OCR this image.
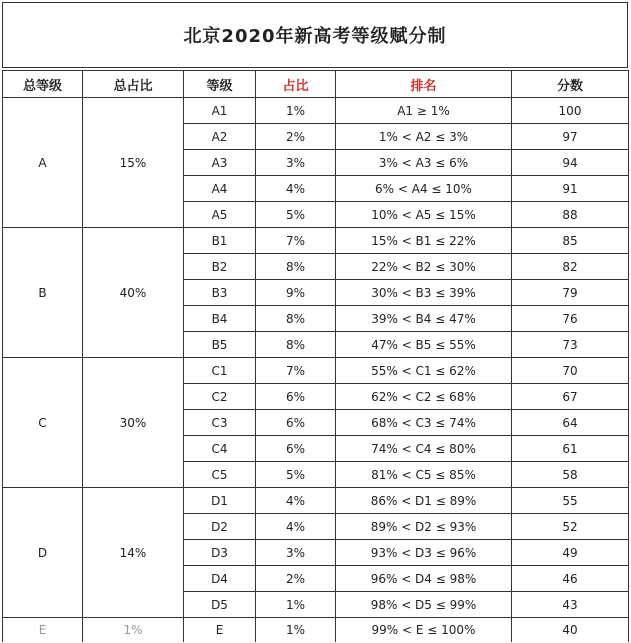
北京2020年新高考等级赋分制
总等级	总占比	等级	占比	排名	分数
A	15%	A1	1%	A1 ≥ 1%	100
		A2	2%	1% < A2 ≤ 3%	97
		A3	3%	3% < A3 ≤ 6%	94
		A4	4%	6% < A4 ≤ 10%	91
		A5	5%	10% < A5 ≤ 15%	88
B	40%	B1	7%	15% < B1 ≤ 22%	85
		B2	8%	22% < B2 ≤ 30%	82
		B3	9%	30% < B3 ≤ 39%	79
		B4	8%	39% < B4 ≤ 47%	76
		B5	8%	47% < B5 ≤ 55%	73
C	30%	C1	7%	55% < C1 ≤ 62%	70
		C2	6%	62% < C2 ≤ 68%	67
		C3	6%	68% < C3 ≤ 74%	64
		C4	6%	74% < C4 ≤ 80%	61
		C5	5%	81% < C5 ≤ 85%	58
D	14%	D1	4%	86% < D1 ≤ 89%	55
		D2	4%	89% < D2 ≤ 93%	52
		D3	3%	93% < D3 ≤ 96%	49
		D4	2%	96% < D4 ≤ 98%	46
		D5	1%	98% < D5 ≤ 99%	43
E	1%	E	1%	99% < E ≤ 100%	40
